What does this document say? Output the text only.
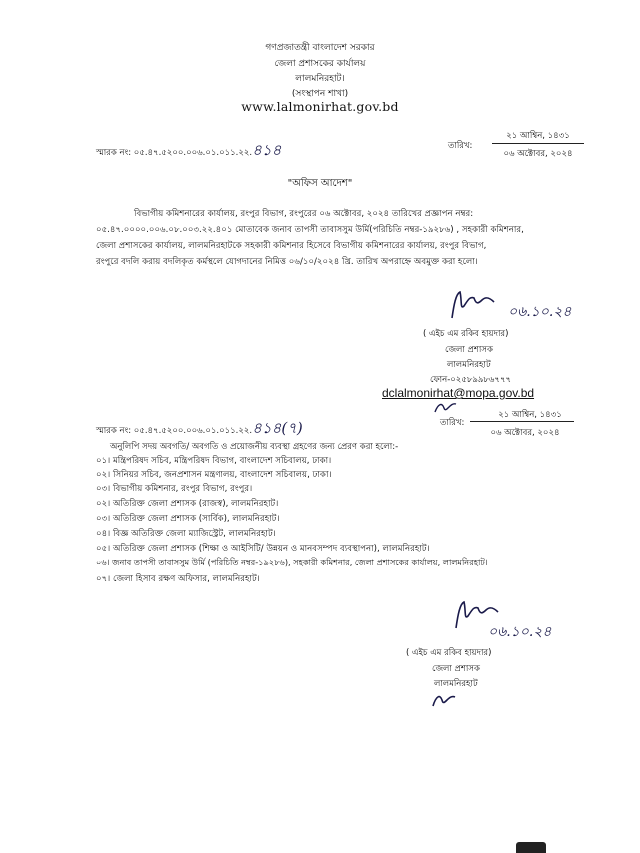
গণপ্রজাতন্ত্রী বাংলাদেশ সরকার
জেলা প্রশাসকের কার্যালয়
লালমনিরহাট।
(সংস্থাপন শাখা)
www.lalmonirhat.gov.bd
স্মারক নং: ০৫.৪৭.৫২০০.০০৬.০১.০১১.২২.৪১৪	তারিখ:
২১ আশ্বিন, ১৪৩১
০৬ অক্টোবর, ২০২৪
"অফিস আদেশ"

বিভাগীয় কমিশনারের কার্যালয়, রংপুর বিভাগ, রংপুরের ০৬ অক্টোবর, ২০২৪ তারিখের প্রজ্ঞাপন নম্বর:

০৫.৪৭.০০০০.০০৬.০৮.০০৩.২২.৪০১ মোতাবেক জনাব তাপসী তাবাসসুম উর্মি(পরিচিতি নম্বর-১৯২৮৬) , সহকারী কমিশনার,

জেলা প্রশাসকের কার্যালয়, লালমনিরহাটকে সহকারী কমিশনার হিসেবে বিভাগীয় কমিশনারের কার্যালয়, রংপুর বিভাগ,

রংপুরে বদলি করায় বদলিকৃত কর্মস্থলে যোগদানের নিমিত্ত ০৬/১০/২০২৪ খ্রি. তারিখ অপরাহ্নে অবমুক্ত করা হলো।

০৬.১০.২৪
( এইচ এম রকিব হায়দার)
জেলা প্রশাসক
লালমনিরহাট
ফোন-০২৫৮৯৯৮৬৭৭৭
dclalmonirhat@mopa.gov.bd
স্মারক নং: ০৫.৪৭.৫২০০.০০৬.০১.০১১.২২.৪১৪(৭)	তারিখ:
২১ আশ্বিন, ১৪৩১
০৬ অক্টোবর, ২০২৪
অনুলিপি সদয় অবগতি/ অবগতি ও প্রয়োজনীয় ব্যবস্থা গ্রহণের জন্য প্রেরণ করা হলো:-
০১। মন্ত্রিপরিষদ সচিব, মন্ত্রিপরিষদ বিভাগ, বাংলাদেশ সচিবালয়, ঢাকা।
০২। সিনিয়র সচিব, জনপ্রশাসন মন্ত্রণালয়, বাংলাদেশ সচিবালয়, ঢাকা।
০৩। বিভাগীয় কমিশনার, রংপুর বিভাগ, রংপুর।
০২। অতিরিক্ত জেলা প্রশাসক (রাজস্ব), লালমনিরহাট।
০৩। অতিরিক্ত জেলা প্রশাসক (সার্বিক), লালমনিরহাট।
০৪। বিজ্ঞ অতিরিক্ত জেলা ম্যাজিস্ট্রেট, লালমনিরহাট।
০৫। অতিরিক্ত জেলা প্রশাসক (শিক্ষা ও আইসিটি/ উন্নয়ন ও মানবসম্পদ ব্যবস্থাপনা), লালমনিরহাট।
০৬। জনাব তাপসী তাবাসসুম উর্মি (পরিচিতি নম্বর-১৯২৮৬), সহকারী কমিশনার, জেলা প্রশাসকের কার্যালয়, লালমনিরহাট।
০৭। জেলা হিসাব রক্ষণ অফিসার, লালমনিরহাট।
০৬.১০.২৪
( এইচ এম রকিব হায়দার)
জেলা প্রশাসক
লালমনিরহাট
